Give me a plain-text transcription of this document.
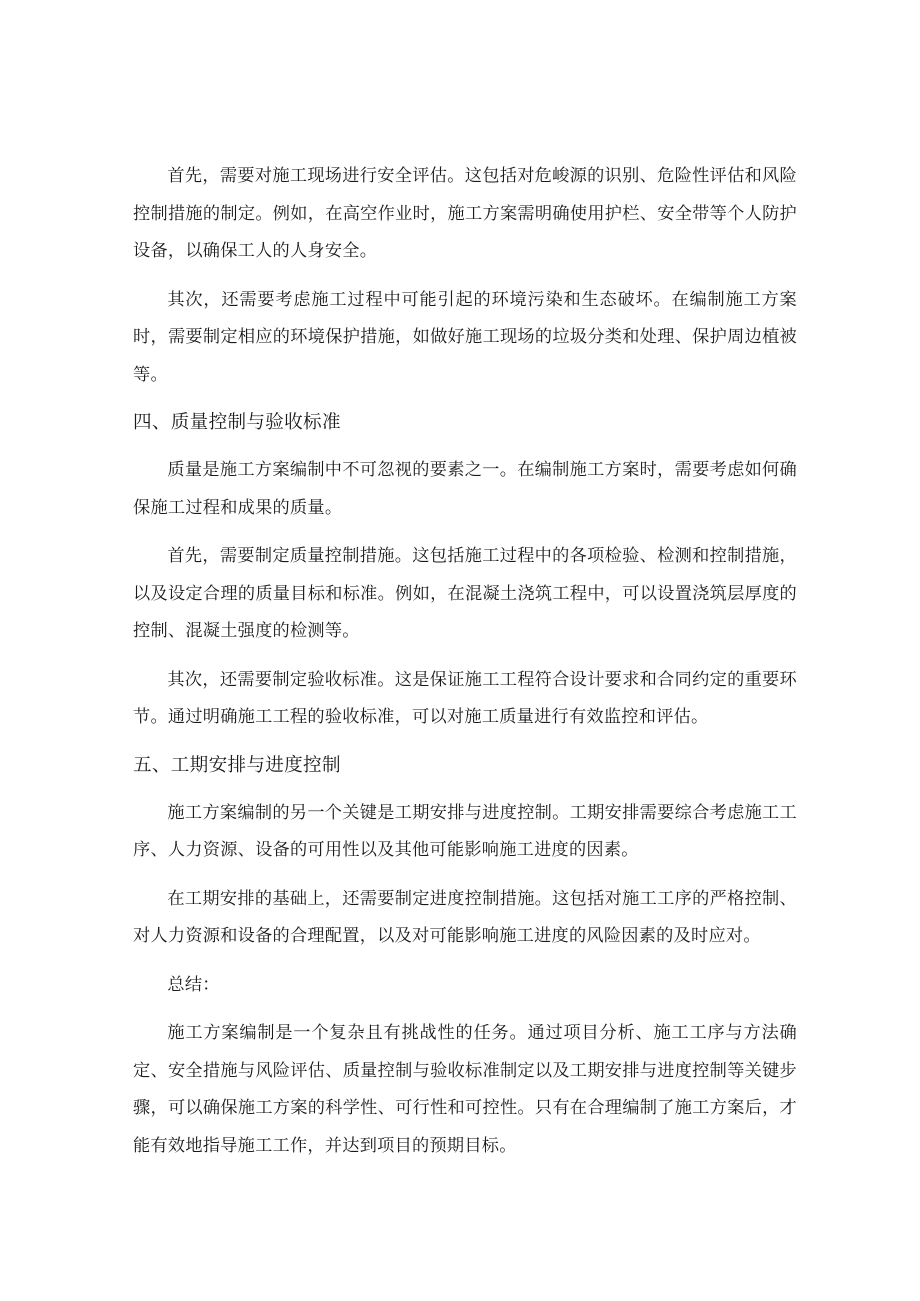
首先，需要对施工现场进行安全评估。这包括对危峻源的识别、危险性评估和风险控制措施的制定。例如，在高空作业时，施工方案需明确使用护栏、安全带等个人防护设备，以确保工人的人身安全。

其次，还需要考虑施工过程中可能引起的环境污染和生态破坏。在编制施工方案时，需要制定相应的环境保护措施，如做好施工现场的垃圾分类和处理、保护周边植被等。

四、质量控制与验收标准

质量是施工方案编制中不可忽视的要素之一。在编制施工方案时，需要考虑如何确保施工过程和成果的质量。

首先，需要制定质量控制措施。这包括施工过程中的各项检验、检测和控制措施，以及设定合理的质量目标和标准。例如，在混凝土浇筑工程中，可以设置浇筑层厚度的控制、混凝土强度的检测等。

其次，还需要制定验收标准。这是保证施工工程符合设计要求和合同约定的重要环节。通过明确施工工程的验收标准，可以对施工质量进行有效监控和评估。

五、工期安排与进度控制

施工方案编制的另一个关键是工期安排与进度控制。工期安排需要综合考虑施工工序、人力资源、设备的可用性以及其他可能影响施工进度的因素。

在工期安排的基础上，还需要制定进度控制措施。这包括对施工工序的严格控制、对人力资源和设备的合理配置，以及对可能影响施工进度的风险因素的及时应对。

总结：

施工方案编制是一个复杂且有挑战性的任务。通过项目分析、施工工序与方法确定、安全措施与风险评估、质量控制与验收标准制定以及工期安排与进度控制等关键步骤，可以确保施工方案的科学性、可行性和可控性。只有在合理编制了施工方案后，才能有效地指导施工工作，并达到项目的预期目标。
